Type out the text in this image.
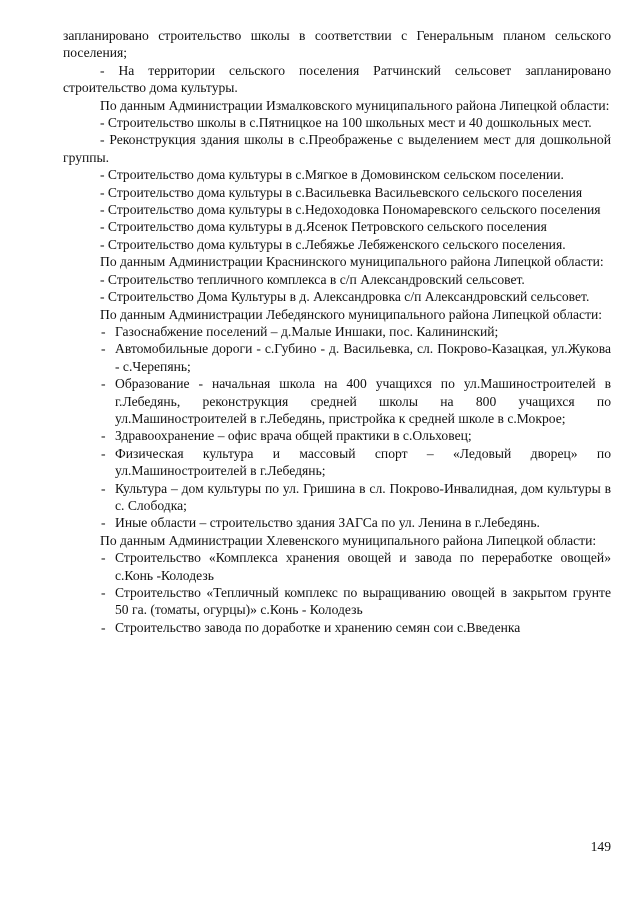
запланировано строительство школы в соответствии с Генеральным планом сельского поселения;

- На территории сельского поселения Ратчинский сельсовет запланировано строительство дома культуры.

По данным Администрации Измалковского муниципального района Липецкой области:

- Строительство школы в с.Пятницкое на 100 школьных мест и 40 дошкольных мест.

- Реконструкция здания школы в с.Преображенье с выделением мест для дошкольной группы.

- Строительство дома культуры в с.Мягкое в Домовинском сельском поселении.

- Строительство дома культуры в с.Васильевка Васильевского сельского поселения

- Строительство дома культуры в с.Недоходовка Пономаревского сельского поселения

- Строительство дома культуры в д.Ясенок Петровского сельского поселения

- Строительство дома культуры в с.Лебяжье Лебяженского сельского поселения.

По данным Администрации Краснинского муниципального района Липецкой области:

- Строительство тепличного комплекса в с/п Александровский сельсовет.

- Строительство Дома Культуры в д. Александровка с/п Александровский сельсовет.

По данным Администрации Лебедянского муниципального района Липецкой области:

- Газоснабжение поселений – д.Малые Иншаки, пос. Калининский;
- Автомобильные дороги - с.Губино - д. Васильевка, сл. Покрово-Казацкая, ул.Жукова - с.Черепянь;
- Образование - начальная школа на 400 учащихся по ул.Машиностроителей в г.Лебедянь, реконструкция средней школы на 800 учащихся по ул.Машиностроителей в г.Лебедянь, пристройка к средней школе в с.Мокрое;
- Здравоохранение – офис врача общей практики в с.Ольховец;
- Физическая культура и массовый спорт – «Ледовый дворец» по ул.Машиностроителей в г.Лебедянь;
- Культура – дом культуры по ул. Гришина в сл. Покрово-Инвалидная, дом культуры в с. Слободка;
- Иные области – строительство здания ЗАГСа по ул. Ленина в г.Лебедянь.

По данным Администрации Хлевенского муниципального района Липецкой области:

- Строительство «Комплекса хранения овощей и завода по переработке овощей» с.Конь -Колодезь
- Строительство «Тепличный комплекс по выращиванию овощей в закрытом грунте 50 га. (томаты, огурцы)» с.Конь - Колодезь
- Строительство завода по доработке и хранению семян сои с.Введенка
149
